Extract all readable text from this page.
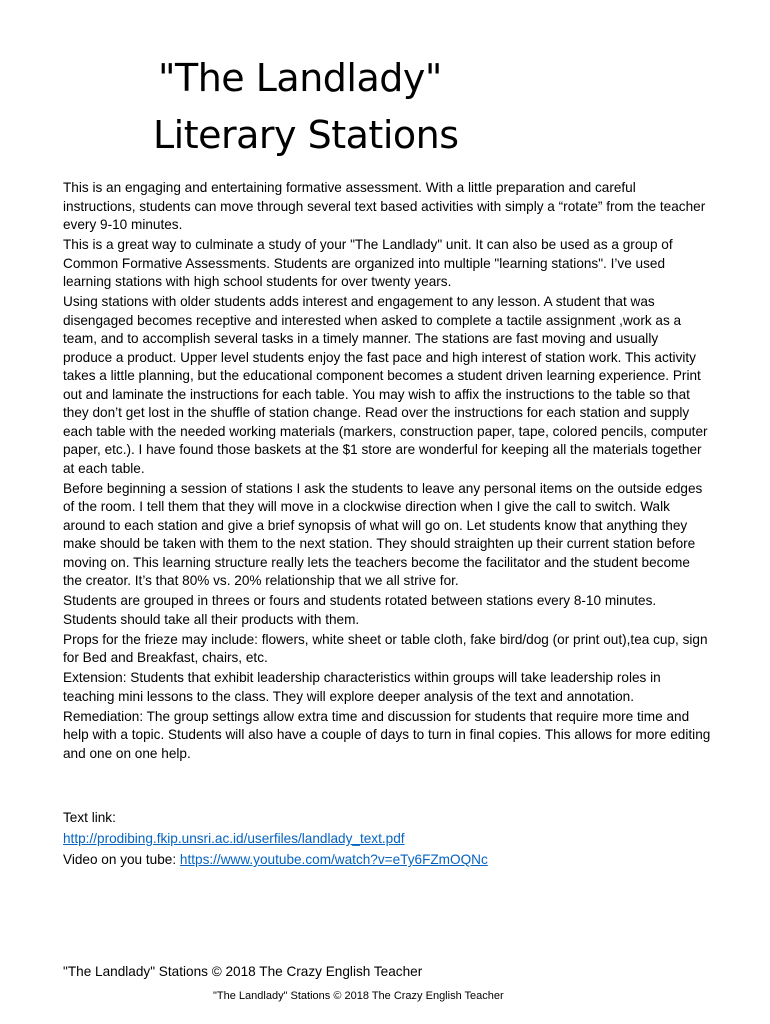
"The Landlady"
Literary Stations

This is an engaging and entertaining formative assessment. With a little preparation and careful instructions, students can move through several text based activities with simply a “rotate” from the teacher every 9-10 minutes.

This is a great way to culminate a study of your "The Landlady" unit. It can also be used as a group of Common Formative Assessments. Students are organized into multiple "learning stations". I’ve used learning stations with high school students for over twenty years.

Using stations with older students adds interest and engagement to any lesson. A student that was disengaged becomes receptive and interested when asked to complete a tactile assignment ,work as a team, and to accomplish several tasks in a timely manner. The stations are fast moving and usually produce a product. Upper level students enjoy the fast pace and high interest of station work. This activity takes a little planning, but the educational component becomes a student driven learning experience. Print out and laminate the instructions for each table. You may wish to affix the instructions to the table so that they don’t get lost in the shuffle of station change. Read over the instructions for each station and supply each table with the needed working materials (markers, construction paper, tape, colored pencils, computer paper, etc.). I have found those baskets at the $1 store are wonderful for keeping all the materials together at each table.

Before beginning a session of stations I ask the students to leave any personal items on the outside edges of the room. I tell them that they will move in a clockwise direction when I give the call to switch. Walk around to each station and give a brief synopsis of what will go on. Let students know that anything they make should be taken with them to the next station. They should straighten up their current station before moving on. This learning structure really lets the teachers become the facilitator and the student become the creator. It’s that 80% vs. 20% relationship that we all strive for.

Students are grouped in threes or fours and students rotated between stations every 8-10 minutes. Students should take all their products with them.

Props for the frieze may include: flowers, white sheet or table cloth, fake bird/dog (or print out),tea cup, sign for Bed and Breakfast, chairs, etc.

Extension: Students that exhibit leadership characteristics within groups will take leadership roles in teaching mini lessons to the class. They will explore deeper analysis of the text and annotation.

Remediation: The group settings allow extra time and discussion for students that require more time and help with a topic. Students will also have a couple of days to turn in final copies. This allows for more editing and one on one help.

Text link:
http://prodibing.fkip.unsri.ac.id/userfiles/landlady_text.pdf
Video on you tube: https://www.youtube.com/watch?v=eTy6FZmOQNc
"The Landlady" Stations © 2018 The Crazy English Teacher
"The Landlady" Stations © 2018 The Crazy English Teacher
